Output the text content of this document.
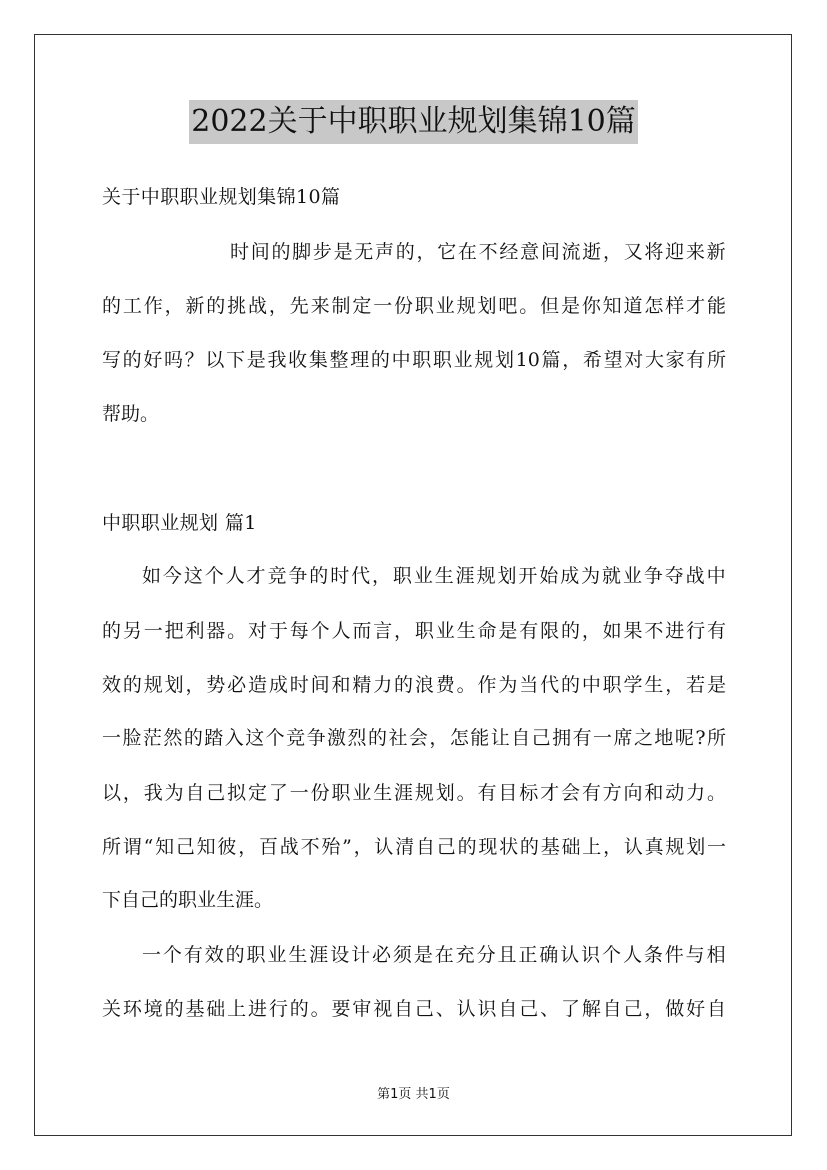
2022关于中职职业规划集锦10篇
关于中职职业规划集锦10篇
时间的脚步是无声的，它在不经意间流逝，又将迎来新
的工作，新的挑战，先来制定一份职业规划吧。但是你知道怎样才能
写的好吗？以下是我收集整理的中职职业规划10篇，希望对大家有所
帮助。
中职职业规划 篇1
如今这个人才竞争的时代，职业生涯规划开始成为就业争夺战中
的另一把利器。对于每个人而言，职业生命是有限的，如果不进行有
效的规划，势必造成时间和精力的浪费。作为当代的中职学生，若是
一脸茫然的踏入这个竞争激烈的社会，怎能让自己拥有一席之地呢?所
以，我为自己拟定了一份职业生涯规划。有目标才会有方向和动力。
所谓“知己知彼，百战不殆”，认清自己的现状的基础上，认真规划一
下自己的职业生涯。
一个有效的职业生涯设计必须是在充分且正确认识个人条件与相
关环境的基础上进行的。要审视自己、认识自己、了解自己，做好自
第1页 共1页
